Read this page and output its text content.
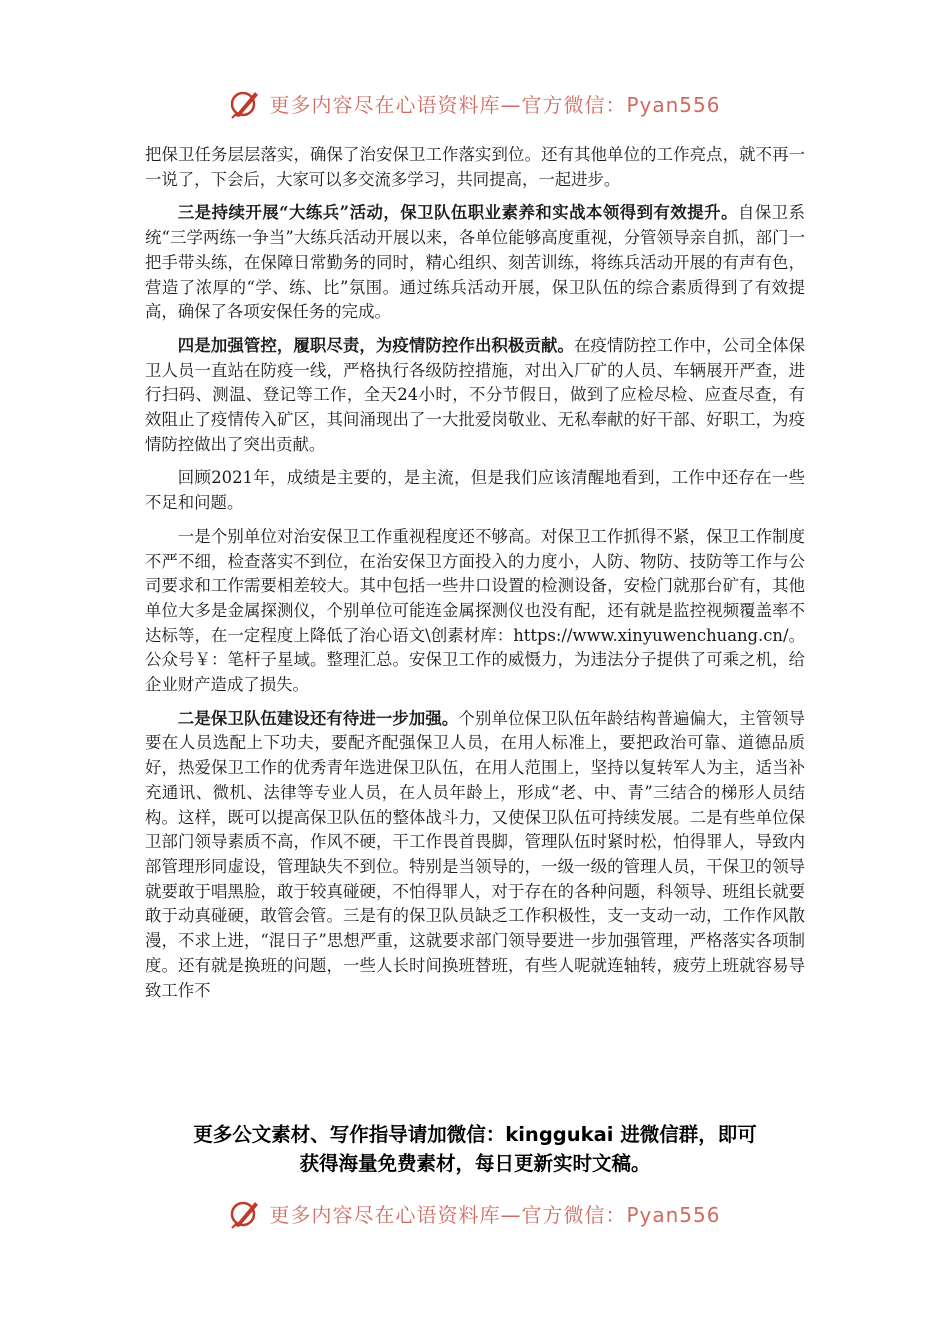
更多内容尽在心语资料库—官方微信：Pyan556

把保卫任务层层落实，确保了治安保卫工作落实到位。还有其他单位的工作亮点，就不再一一说了，下会后，大家可以多交流多学习，共同提高，一起进步。

三是持续开展“大练兵”活动，保卫队伍职业素养和实战本领得到有效提升。自保卫系统“三学两练一争当”大练兵活动开展以来，各单位能够高度重视，分管领导亲自抓，部门一把手带头练，在保障日常勤务的同时，精心组织、刻苦训练，将练兵活动开展的有声有色，营造了浓厚的“学、练、比”氛围。通过练兵活动开展，保卫队伍的综合素质得到了有效提高，确保了各项安保任务的完成。

四是加强管控，履职尽责，为疫情防控作出积极贡献。在疫情防控工作中，公司全体保卫人员一直站在防疫一线，严格执行各级防控措施，对出入厂矿的人员、车辆展开严查，进行扫码、测温、登记等工作，全天24小时，不分节假日，做到了应检尽检、应查尽查，有效阻止了疫情传入矿区，其间涌现出了一大批爱岗敬业、无私奉献的好干部、好职工，为疫情防控做出了突出贡献。

回顾2021年，成绩是主要的，是主流，但是我们应该清醒地看到，工作中还存在一些不足和问题。

一是个别单位对治安保卫工作重视程度还不够高。对保卫工作抓得不紧，保卫工作制度不严不细，检查落实不到位，在治安保卫方面投入的力度小，人防、物防、技防等工作与公司要求和工作需要相差较大。其中包括一些井口设置的检测设备，安检门就那台矿有，其他单位大多是金属探测仪，个别单位可能连金属探测仪也没有配，还有就是监控视频覆盖率不达标等，在一定程度上降低了治心语文\创素材库：https://www.xinyuwenchuang.cn/。公众号￥：笔杆子星域。整理汇总。安保卫工作的威慑力，为违法分子提供了可乘之机，给企业财产造成了损失。

二是保卫队伍建设还有待进一步加强。个别单位保卫队伍年龄结构普遍偏大，主管领导要在人员选配上下功夫，要配齐配强保卫人员，在用人标准上，要把政治可靠、道德品质好，热爱保卫工作的优秀青年选进保卫队伍，在用人范围上，坚持以复转军人为主，适当补充通讯、微机、法律等专业人员，在人员年龄上，形成“老、中、青”三结合的梯形人员结构。这样，既可以提高保卫队伍的整体战斗力，又使保卫队伍可持续发展。二是有些单位保卫部门领导素质不高，作风不硬，干工作畏首畏脚，管理队伍时紧时松，怕得罪人，导致内部管理形同虚设，管理缺失不到位。特别是当领导的，一级一级的管理人员，干保卫的领导就要敢于唱黑脸，敢于较真碰硬，不怕得罪人，对于存在的各种问题，科领导、班组长就要敢于动真碰硬，敢管会管。三是有的保卫队员缺乏工作积极性，支一支动一动，工作作风散漫，不求上进，“混日子”思想严重，这就要求部门领导要进一步加强管理，严格落实各项制度。还有就是换班的问题，一些人长时间换班替班，有些人呢就连轴转，疲劳上班就容易导致工作不

更多公文素材、写作指导请加微信：kinggukai 进微信群，即可
获得海量免费素材，每日更新实时文稿。
更多内容尽在心语资料库—官方微信：Pyan556
